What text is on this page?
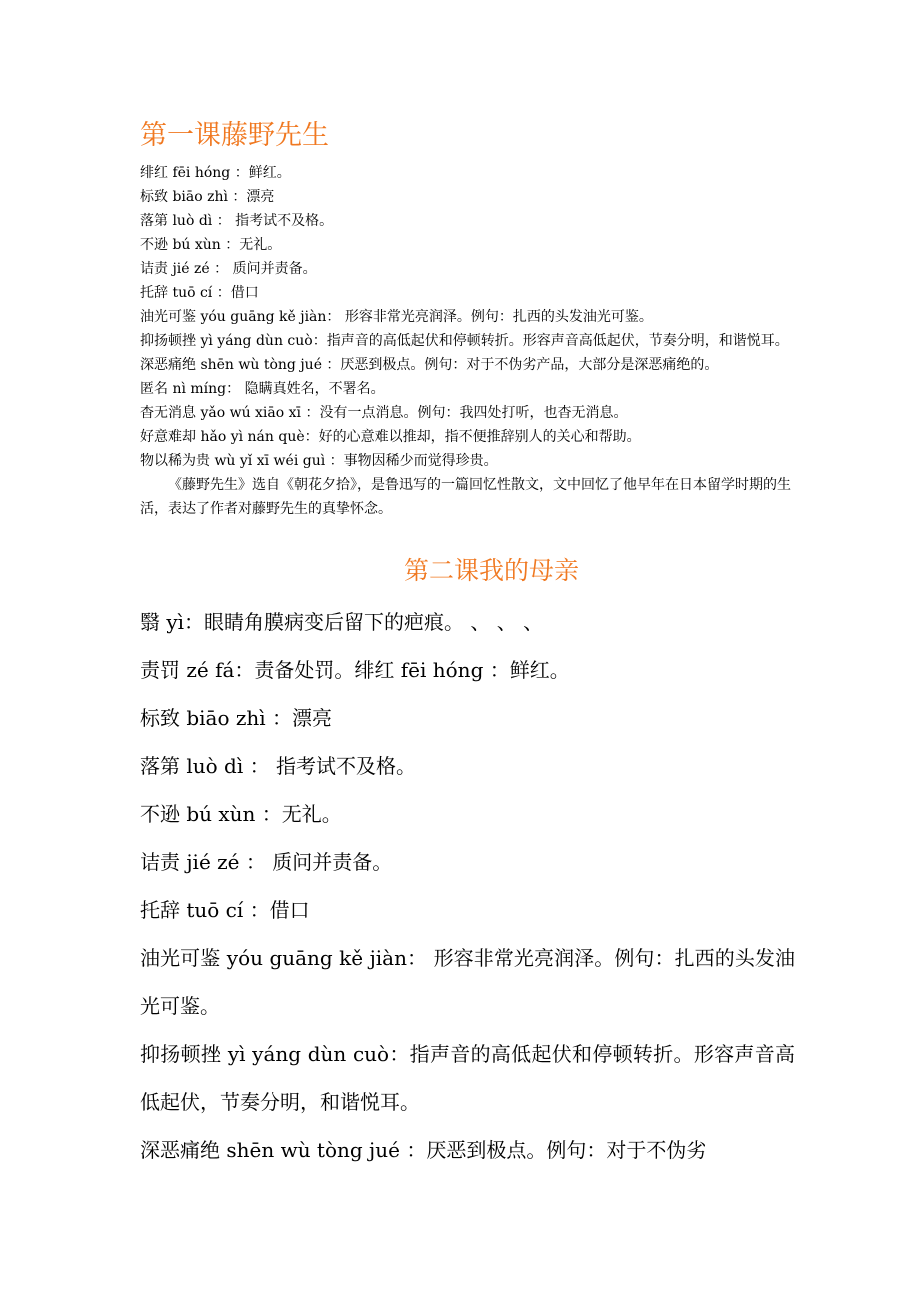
第一课藤野先生

绯红 fēi hóng ：鲜红。

标致 biāo zhì ：漂亮

落第 luò dì ： 指考试不及格。

不逊 bú xùn ：无礼。

诘责 jié zé ： 质问并责备。

托辞 tuō cí ：借口

油光可鉴 yóu guāng kě jiàn： 形容非常光亮润泽。例句：扎西的头发油光可鉴。

抑扬顿挫 yì yáng dùn cuò：指声音的高低起伏和停顿转折。形容声音高低起伏，节奏分明，和谐悦耳。

深恶痛绝 shēn wù tòng jué ：厌恶到极点。例句：对于不伪劣产品，大部分是深恶痛绝的。

匿名 nì míng： 隐瞒真姓名，不署名。

杳无消息 yǎo wú xiāo xī ：没有一点消息。例句：我四处打听，也杳无消息。

好意难却 hǎo yì nán què：好的心意难以推却，指不便推辞别人的关心和帮助。

物以稀为贵 wù yǐ xī wéi guì ：事物因稀少而觉得珍贵。

《藤野先生》选自《朝花夕拾》，是鲁迅写的一篇回忆性散文，文中回忆了他早年在日本留学时期的生活，表达了作者对藤野先生的真挚怀念。

第二课我的母亲

翳 yì：眼睛角膜病变后留下的疤痕。 、 、 、

责罚 zé fá：责备处罚。绯红 fēi hóng ：鲜红。

标致 biāo zhì ：漂亮

落第 luò dì ： 指考试不及格。

不逊 bú xùn ：无礼。

诘责 jié zé ： 质问并责备。

托辞 tuō cí ：借口

油光可鉴 yóu guāng kě jiàn： 形容非常光亮润泽。例句：扎西的头发油光可鉴。

抑扬顿挫 yì yáng dùn cuò：指声音的高低起伏和停顿转折。形容声音高低起伏，节奏分明，和谐悦耳。

深恶痛绝 shēn wù tòng jué ：厌恶到极点。例句：对于不伪劣
